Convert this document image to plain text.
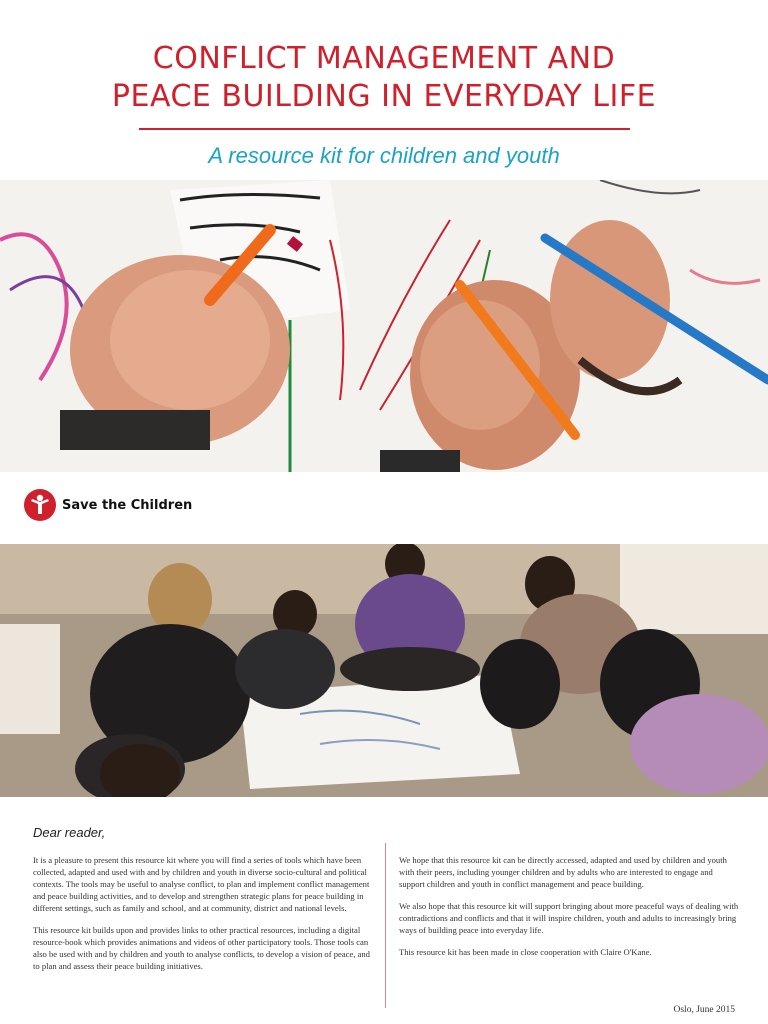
CONFLICT MANAGEMENT AND
PEACE BUILDING IN EVERYDAY LIFE
A resource kit for children and youth
Save the Children
Dear reader,

It is a pleasure to present this resource kit where you will find a series of tools which have been collected, adapted and used with and by children and youth in diverse socio-cultural and political contexts. The tools may be useful to analyse conflict, to plan and implement conflict management and peace building activities, and to develop and strengthen strategic plans for peace building in different settings, such as family and school, and at community, district and national levels.

This resource kit builds upon and provides links to other practical resources, including a digital resource-book which provides animations and videos of other participatory tools. Those tools can also be used with and by children and youth to analyse conflicts, to develop a vision of peace, and to plan and assess their peace building initiatives.

We hope that this resource kit can be directly accessed, adapted and used by children and youth with their peers, including younger children and by adults who are interested to engage and support children and youth in conflict management and peace building.

We also hope that this resource kit will support bringing about more peaceful ways of dealing with contradictions and conflicts and that it will inspire children, youth and adults to increasingly bring ways of building peace into everyday life.

This resource kit has been made in close cooperation with Claire O'Kane.

Oslo, June 2015
